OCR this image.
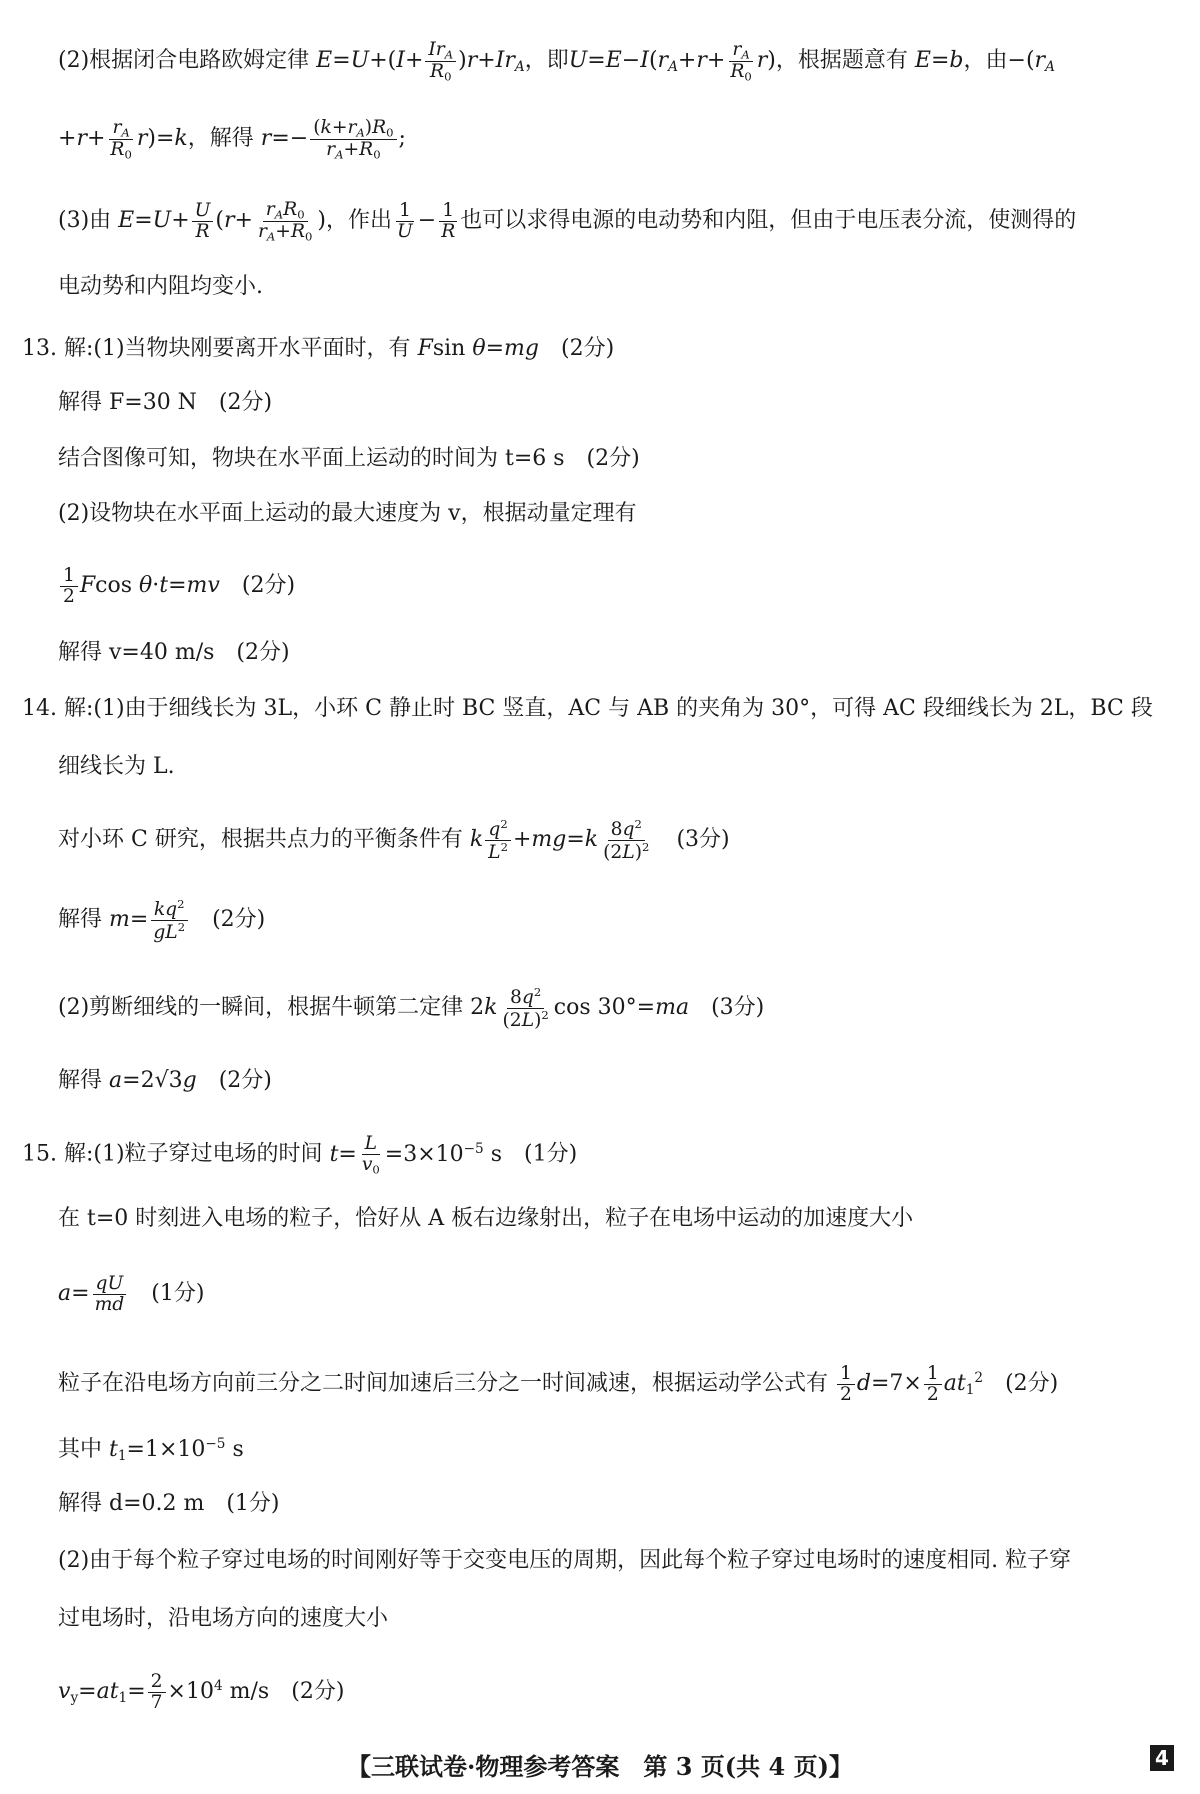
(2)根据闭合电路欧姆定律 $E=U+(I+ Ir_A$
$R_0$
)$r+Ir_A$，即$U=E-I(r_A+r+ \frac{r_A}{R_0} r)$，根据题意有 E=b，由$-(r_A$
$+r+ \frac{r_A}{R_0} r)=k$，解得 $r=- \frac{(k+r_A)R_0}{r_A+R_0}$ ;
(3)由 $E=U+ \frac{U}{R} (r+ r_AR_0$
$r_A+R_0$
)，作出 $\frac{1}{U} - \frac{1}{R}$ 也可以求得电源的电动势和内阻，但由于电压表分流，使测得的
电动势和内阻均变小.
13. 解:(1)当物块刚要离开水平面时，有 Fsin θ=mg　 (2分)
解得 F=30 N　(2分)
结合图像可知，物块在水平面上运动的时间为 t=6 s　(2分)
(2)设物块在水平面上运动的最大速度为 v，根据动量定理有
$\frac{1}{2}$ Fcos θ·t=mv　 (2分)
解得 v=40 m/s　(2分)
14. 解:(1)由于细线长为 3L，小环 C 静止时 BC 竖直，AC 与 AB 的夹角为 30°，可得 AC 段细线长为 2L，BC 段
细线长为 L.
对小环 C 研究，根据共点力的平衡条件有 k $\frac{q^2}{L^2} +mg=k \frac{8q^2}{(2L)^2}$
　 (3分)
解得 $m= \frac{kq^2}{gL^2}$
　 (2分)
(2)剪断细线的一瞬间，根据牛顿第二定律 $2k \frac{8q^2}{(2L)^2}$ cos 30°=ma　 (3分)
解得 a=2√3g　 (2分)
15. 解:(1)粒子穿过电场的时间 $t= \frac{L}{v_0} =3\times 10^{-5}$ s　 (1分)
在 t=0 时刻进入电场的粒子，恰好从 A 板右边缘射出，粒子在电场中运动的加速度大小
$a= \frac{qU}{md}$
　 (1分)
粒子在沿电场方向前三分之二时间加速后三分之一时间减速，根据运动学公式有 $\frac{1}{2} d=7\times \frac{1}{2} at_1^2$　 (2分)
其中 $t_1=1\times 10^{-5}$ s
解得 d=0.2 m　(1分)
(2)由于每个粒子穿过电场的时间刚好等于交变电压的周期，因此每个粒子穿过电场时的速度相同. 粒子穿
过电场时，沿电场方向的速度大小
$v_y=at_1= \frac{2}{7} \times 10^4$ m/s　 (2分)
【三联试卷·物理参考答案　第 3 页(共 4 页)】	4
